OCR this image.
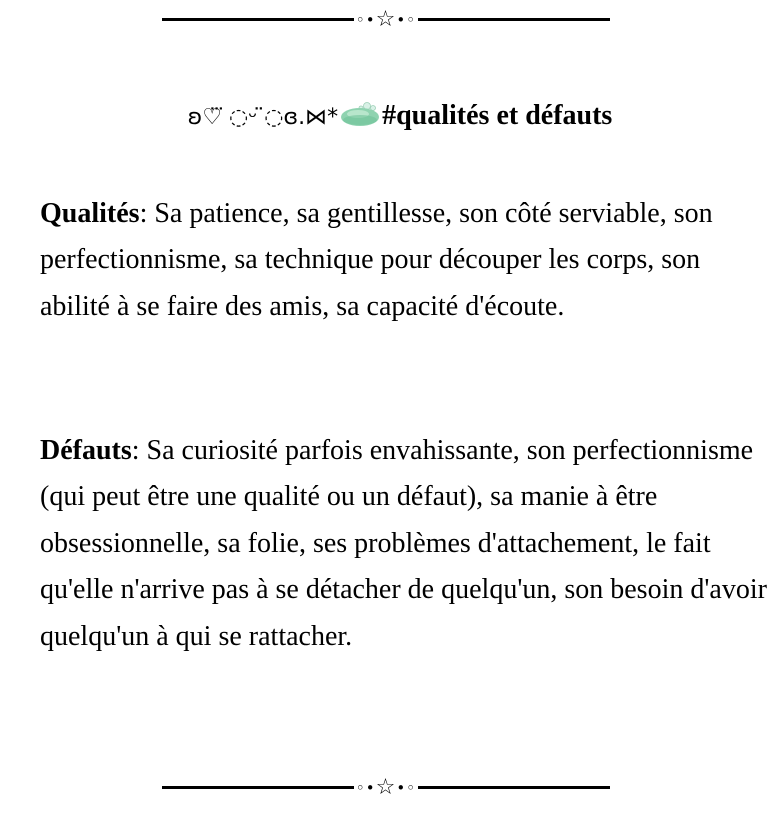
◦•☆•◦
ʚ♡⃛ ◌ᵕ ̈◌ɞ.⋈* #qualités et défauts

Qualités: Sa patience, sa gentillesse, son côté serviable, son perfectionnisme, sa technique pour découper les corps, son abilité à se faire des amis, sa capacité d'écoute.

Défauts: Sa curiosité parfois envahissante, son perfectionnisme (qui peut être une qualité ou un défaut), sa manie à être obsessionnelle, sa folie, ses problèmes d'attachement, le fait qu'elle n'arrive pas à se détacher de quelqu'un, son besoin d'avoir quelqu'un à qui se rattacher.

◦•☆•◦
